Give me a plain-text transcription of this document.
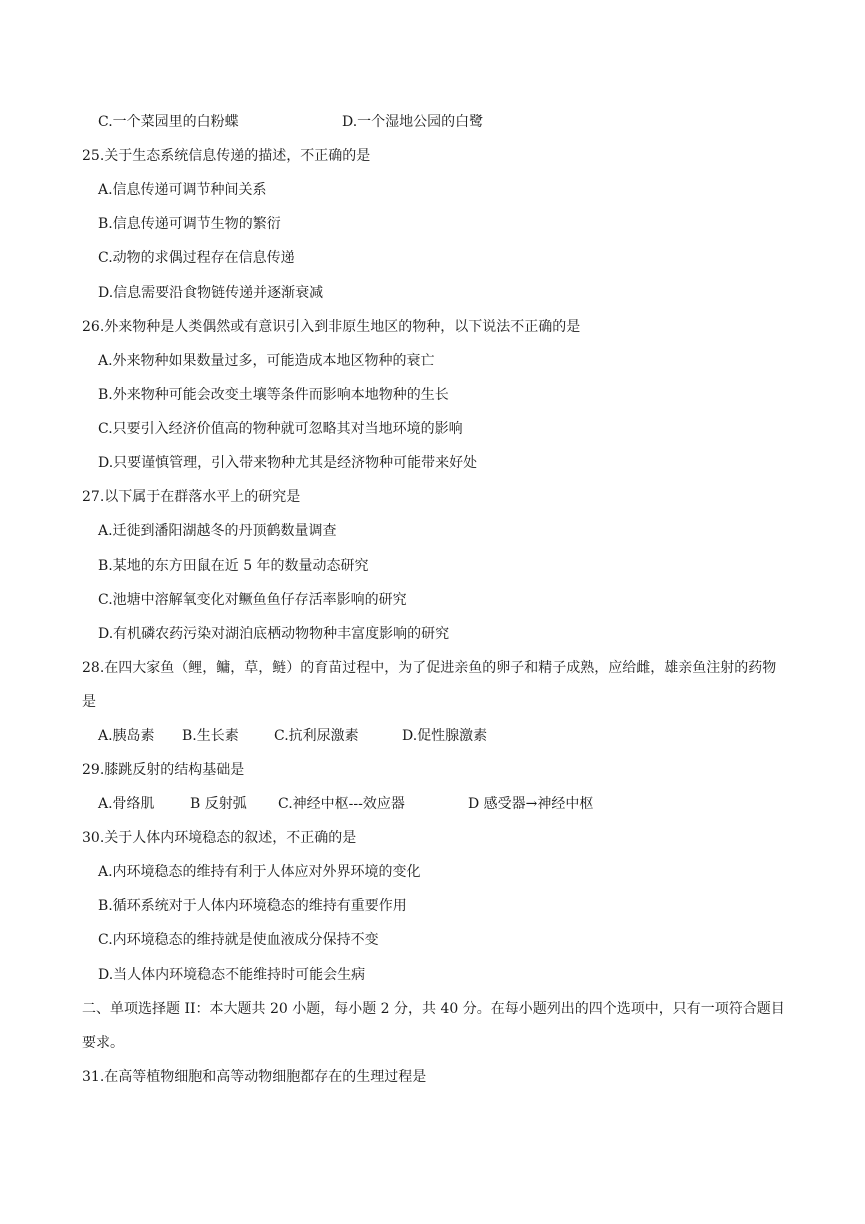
C.一个菜园里的白粉蝶	D.一个湿地公园的白鹭
25.关于生态系统信息传递的描述，不正确的是
A.信息传递可调节种间关系
B.信息传递可调节生物的繁衍
C.动物的求偶过程存在信息传递
D.信息需要沿食物链传递并逐渐衰减
26.外来物种是人类偶然或有意识引入到非原生地区的物种，以下说法不正确的是
A.外来物种如果数量过多，可能造成本地区物种的衰亡
B.外来物种可能会改变土壤等条件而影响本地物种的生长
C.只要引入经济价值高的物种就可忽略其对当地环境的影响
D.只要谨慎管理，引入带来物种尤其是经济物种可能带来好处
27.以下属于在群落水平上的研究是
A.迁徙到潘阳湖越冬的丹顶鹤数量调查
B.某地的东方田鼠在近 5 年的数量动态研究
C.池塘中溶解氧变化对鳜鱼鱼仔存活率影响的研究
D.有机磷农药污染对湖泊底栖动物物种丰富度影响的研究
28.在四大家鱼（鲤，鳙，草，鲢）的育苗过程中，为了促进亲鱼的卵子和精子成熟，应给雌，雄亲鱼注射的药物是
A.胰岛素 B.生长素	C.抗利尿激素	D.促性腺激素
29.膝跳反射的结构基础是
A.骨络肌	B 反射弧 C.神经中枢---效应器	D 感受器→神经中枢
30.关于人体内环境稳态的叙述，不正确的是
A.内环境稳态的维持有利于人体应对外界环境的变化
B.循环系统对于人体内环境稳态的维持有重要作用
C.内环境稳态的维持就是使血液成分保持不变
D.当人体内环境稳态不能维持时可能会生病
二、单项选择题 II：本大题共 20 小题，每小题 2 分，共 40 分。在每小题列出的四个选项中，只有一项符合题目要求。
31.在高等植物细胞和高等动物细胞都存在的生理过程是
